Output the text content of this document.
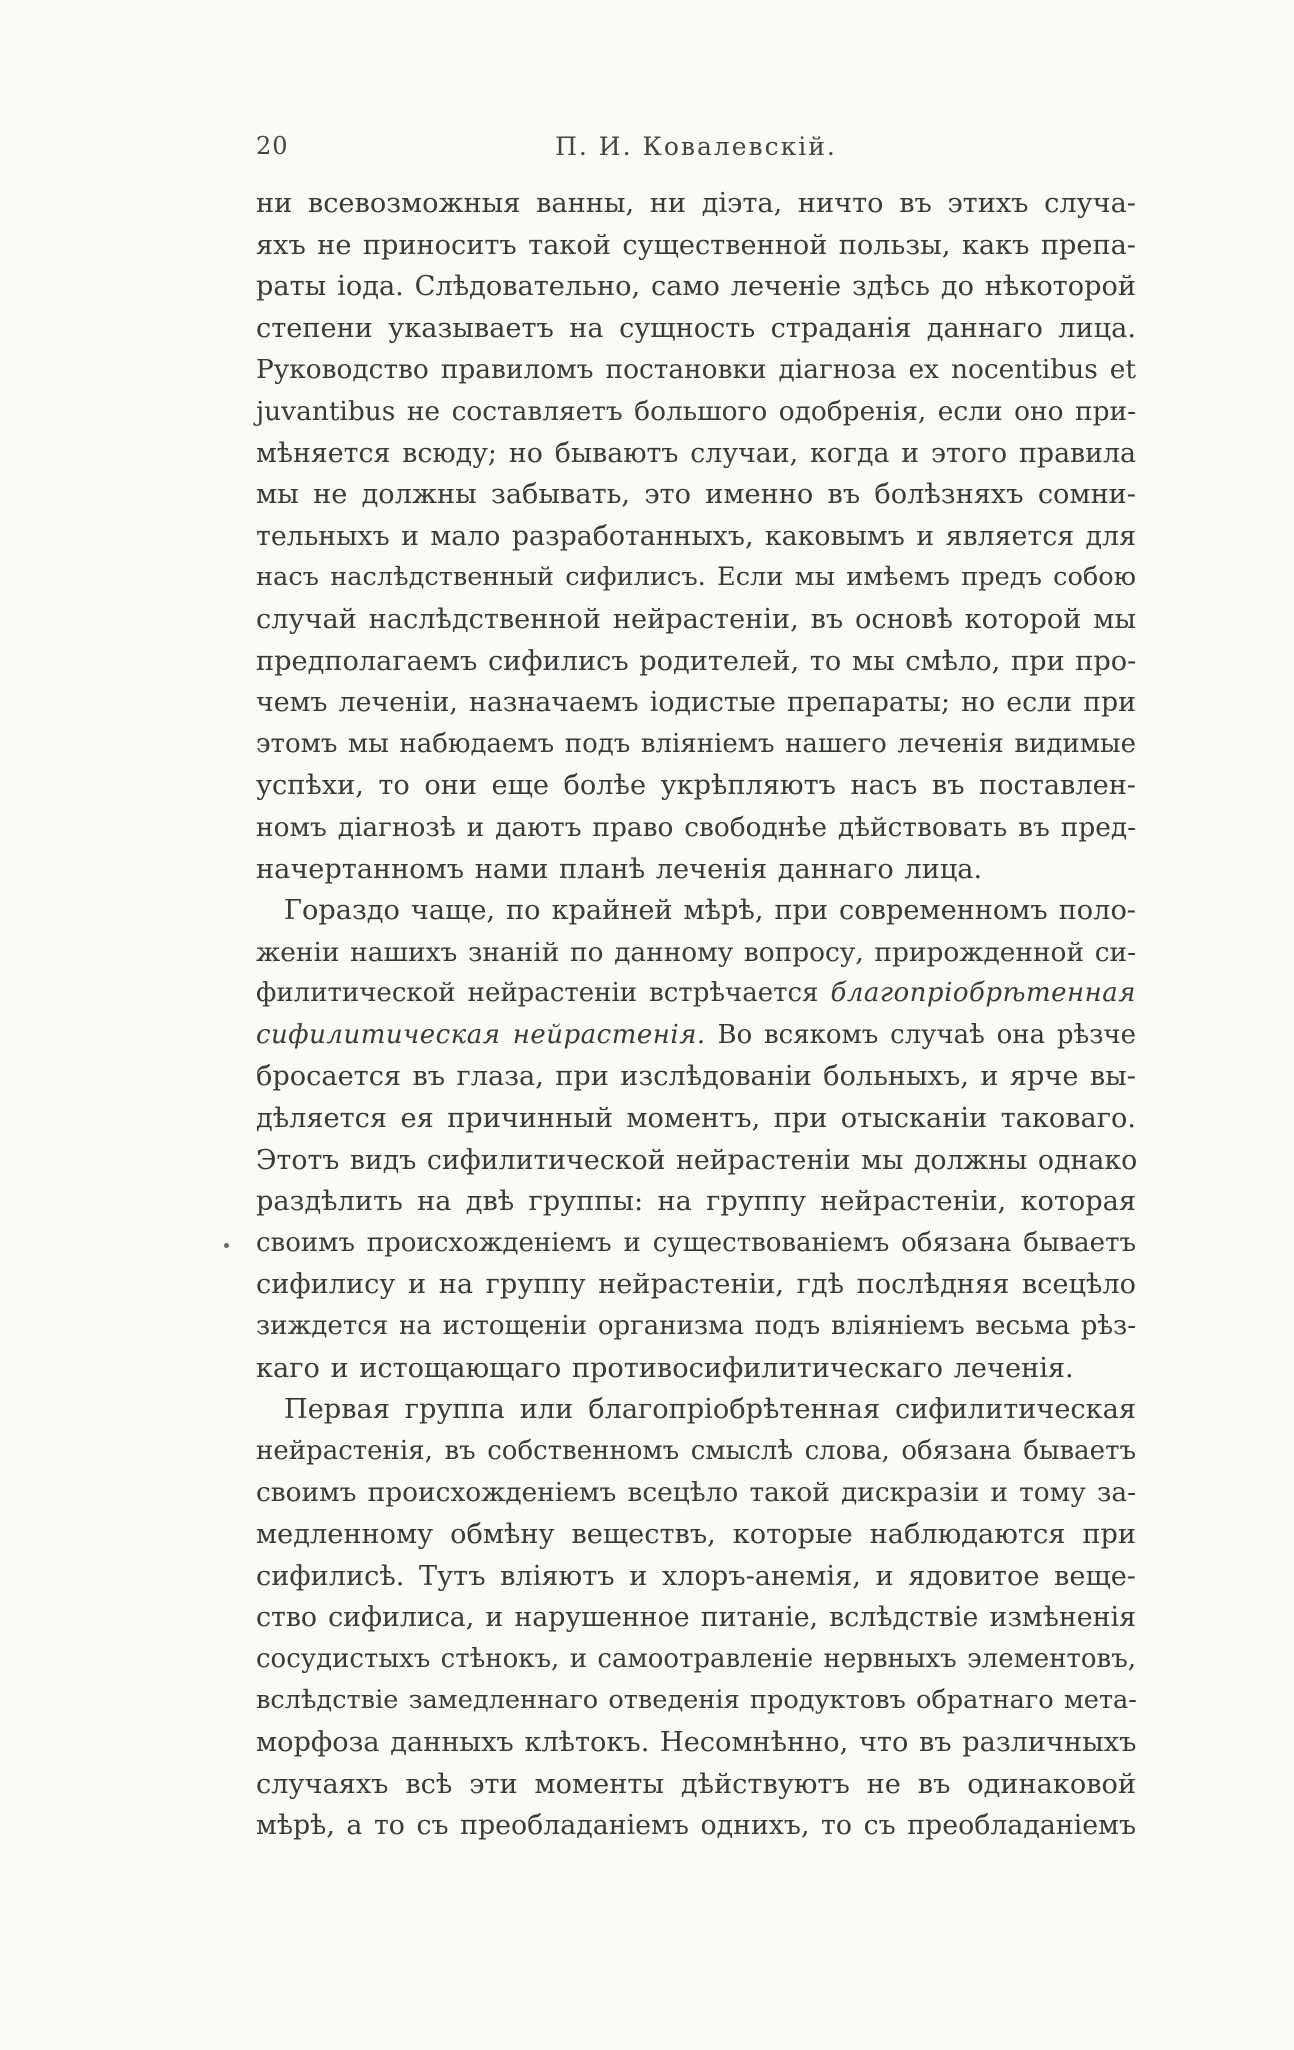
20	П. И. Ковалевскій.
ни всевозможныя ванны, ни діэта, ничто въ этихъ случа-
яхъ не приноситъ такой существенной пользы, какъ препа-
раты іода. Слѣдовательно, само леченіе здѣсь до нѣкоторой
степени указываетъ на сущность страданія даннаго лица.
Руководство правиломъ постановки діагноза ex nocentibus et
juvantibus не составляетъ большого одобренія, если оно при-
мѣняется всюду; но бываютъ случаи, когда и этого правила
мы не должны забывать, это именно въ болѣзняхъ сомни-
тельныхъ и мало разработанныхъ, каковымъ и является для
насъ наслѣдственный сифилисъ. Если мы имѣемъ предъ собою
случай наслѣдственной нейрастеніи, въ основѣ которой мы
предполагаемъ сифилисъ родителей, то мы смѣло, при про-
чемъ леченіи, назначаемъ іодистые препараты; но если при
этомъ мы набюдаемъ подъ вліяніемъ нашего леченія видимые
успѣхи, то они еще болѣе укрѣпляютъ насъ въ поставлен-
номъ діагнозѣ и даютъ право свободнѣе дѣйствовать въ пред-
начертанномъ нами планѣ леченія даннаго лица.
Гораздо чаще, по крайней мѣрѣ, при современномъ поло-
женіи нашихъ знаній по данному вопросу, прирожденной си-
филитической нейрастеніи встрѣчается благопріобрѣтенная
сифилитическая нейрастенія. Во всякомъ случаѣ она рѣзче
бросается въ глаза, при изслѣдованіи больныхъ, и ярче вы-
дѣляется ея причинный моментъ, при отысканіи таковаго.
Этотъ видъ сифилитической нейрастеніи мы должны однако
раздѣлить на двѣ группы: на группу нейрастеніи, которая
своимъ происхожденіемъ и существованіемъ обязана бываетъ
сифилису и на группу нейрастеніи, гдѣ послѣдняя всецѣло
зиждется на истощеніи организма подъ вліяніемъ весьма рѣз-
каго и истощающаго противосифилитическаго леченія.
Первая группа или благопріобрѣтенная сифилитическая
нейрастенія, въ собственномъ смыслѣ слова, обязана бываетъ
своимъ происхожденіемъ всецѣло такой дискразіи и тому за-
медленному обмѣну веществъ, которые наблюдаются при
сифилисѣ. Тутъ вліяютъ и хлоръ-анемія, и ядовитое веще-
ство сифилиса, и нарушенное питаніе, вслѣдствіе измѣненія
сосудистыхъ стѣнокъ, и самоотравленіе нервныхъ элементовъ,
вслѣдствіе замедленнаго отведенія продуктовъ обратнаго мета-
морфоза данныхъ клѣтокъ. Несомнѣнно, что въ различныхъ
случаяхъ всѣ эти моменты дѣйствуютъ не въ одинаковой
мѣрѣ, а то съ преобладаніемъ однихъ, то съ преобладаніемъ
